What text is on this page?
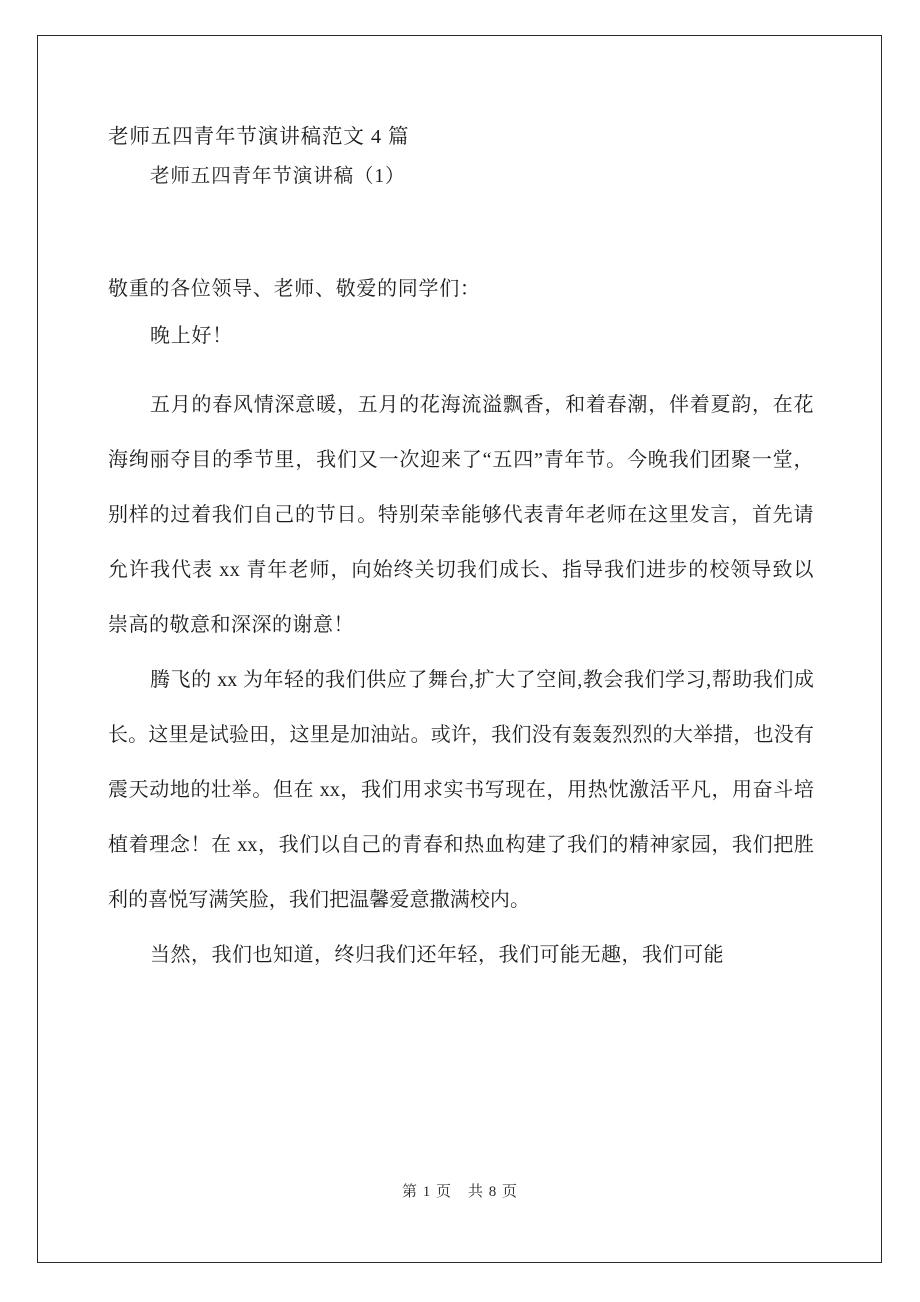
老师五四青年节演讲稿范文 4 篇

老师五四青年节演讲稿（1）

敬重的各位领导、老师、敬爱的同学们：

晚上好！

五月的春风情深意暖，五月的花海流溢飘香，和着春潮，伴着夏韵，在花海绚丽夺目的季节里，我们又一次迎来了“五四”青年节。今晚我们团聚一堂，别样的过着我们自己的节日。特别荣幸能够代表青年老师在这里发言，首先请允许我代表 xx 青年老师，向始终关切我们成长、指导我们进步的校领导致以崇高的敬意和深深的谢意！

腾飞的 xx 为年轻的我们供应了舞台,扩大了空间,教会我们学习,帮助我们成长。这里是试验田，这里是加油站。或许，我们没有轰轰烈烈的大举措，也没有震天动地的壮举。但在 xx，我们用求实书写现在，用热忱激活平凡，用奋斗培植着理念！在 xx，我们以自己的青春和热血构建了我们的精神家园，我们把胜利的喜悦写满笑脸，我们把温馨爱意撒满校内。

当然，我们也知道，终归我们还年轻，我们可能无趣，我们可能

第 1 页　共 8 页
